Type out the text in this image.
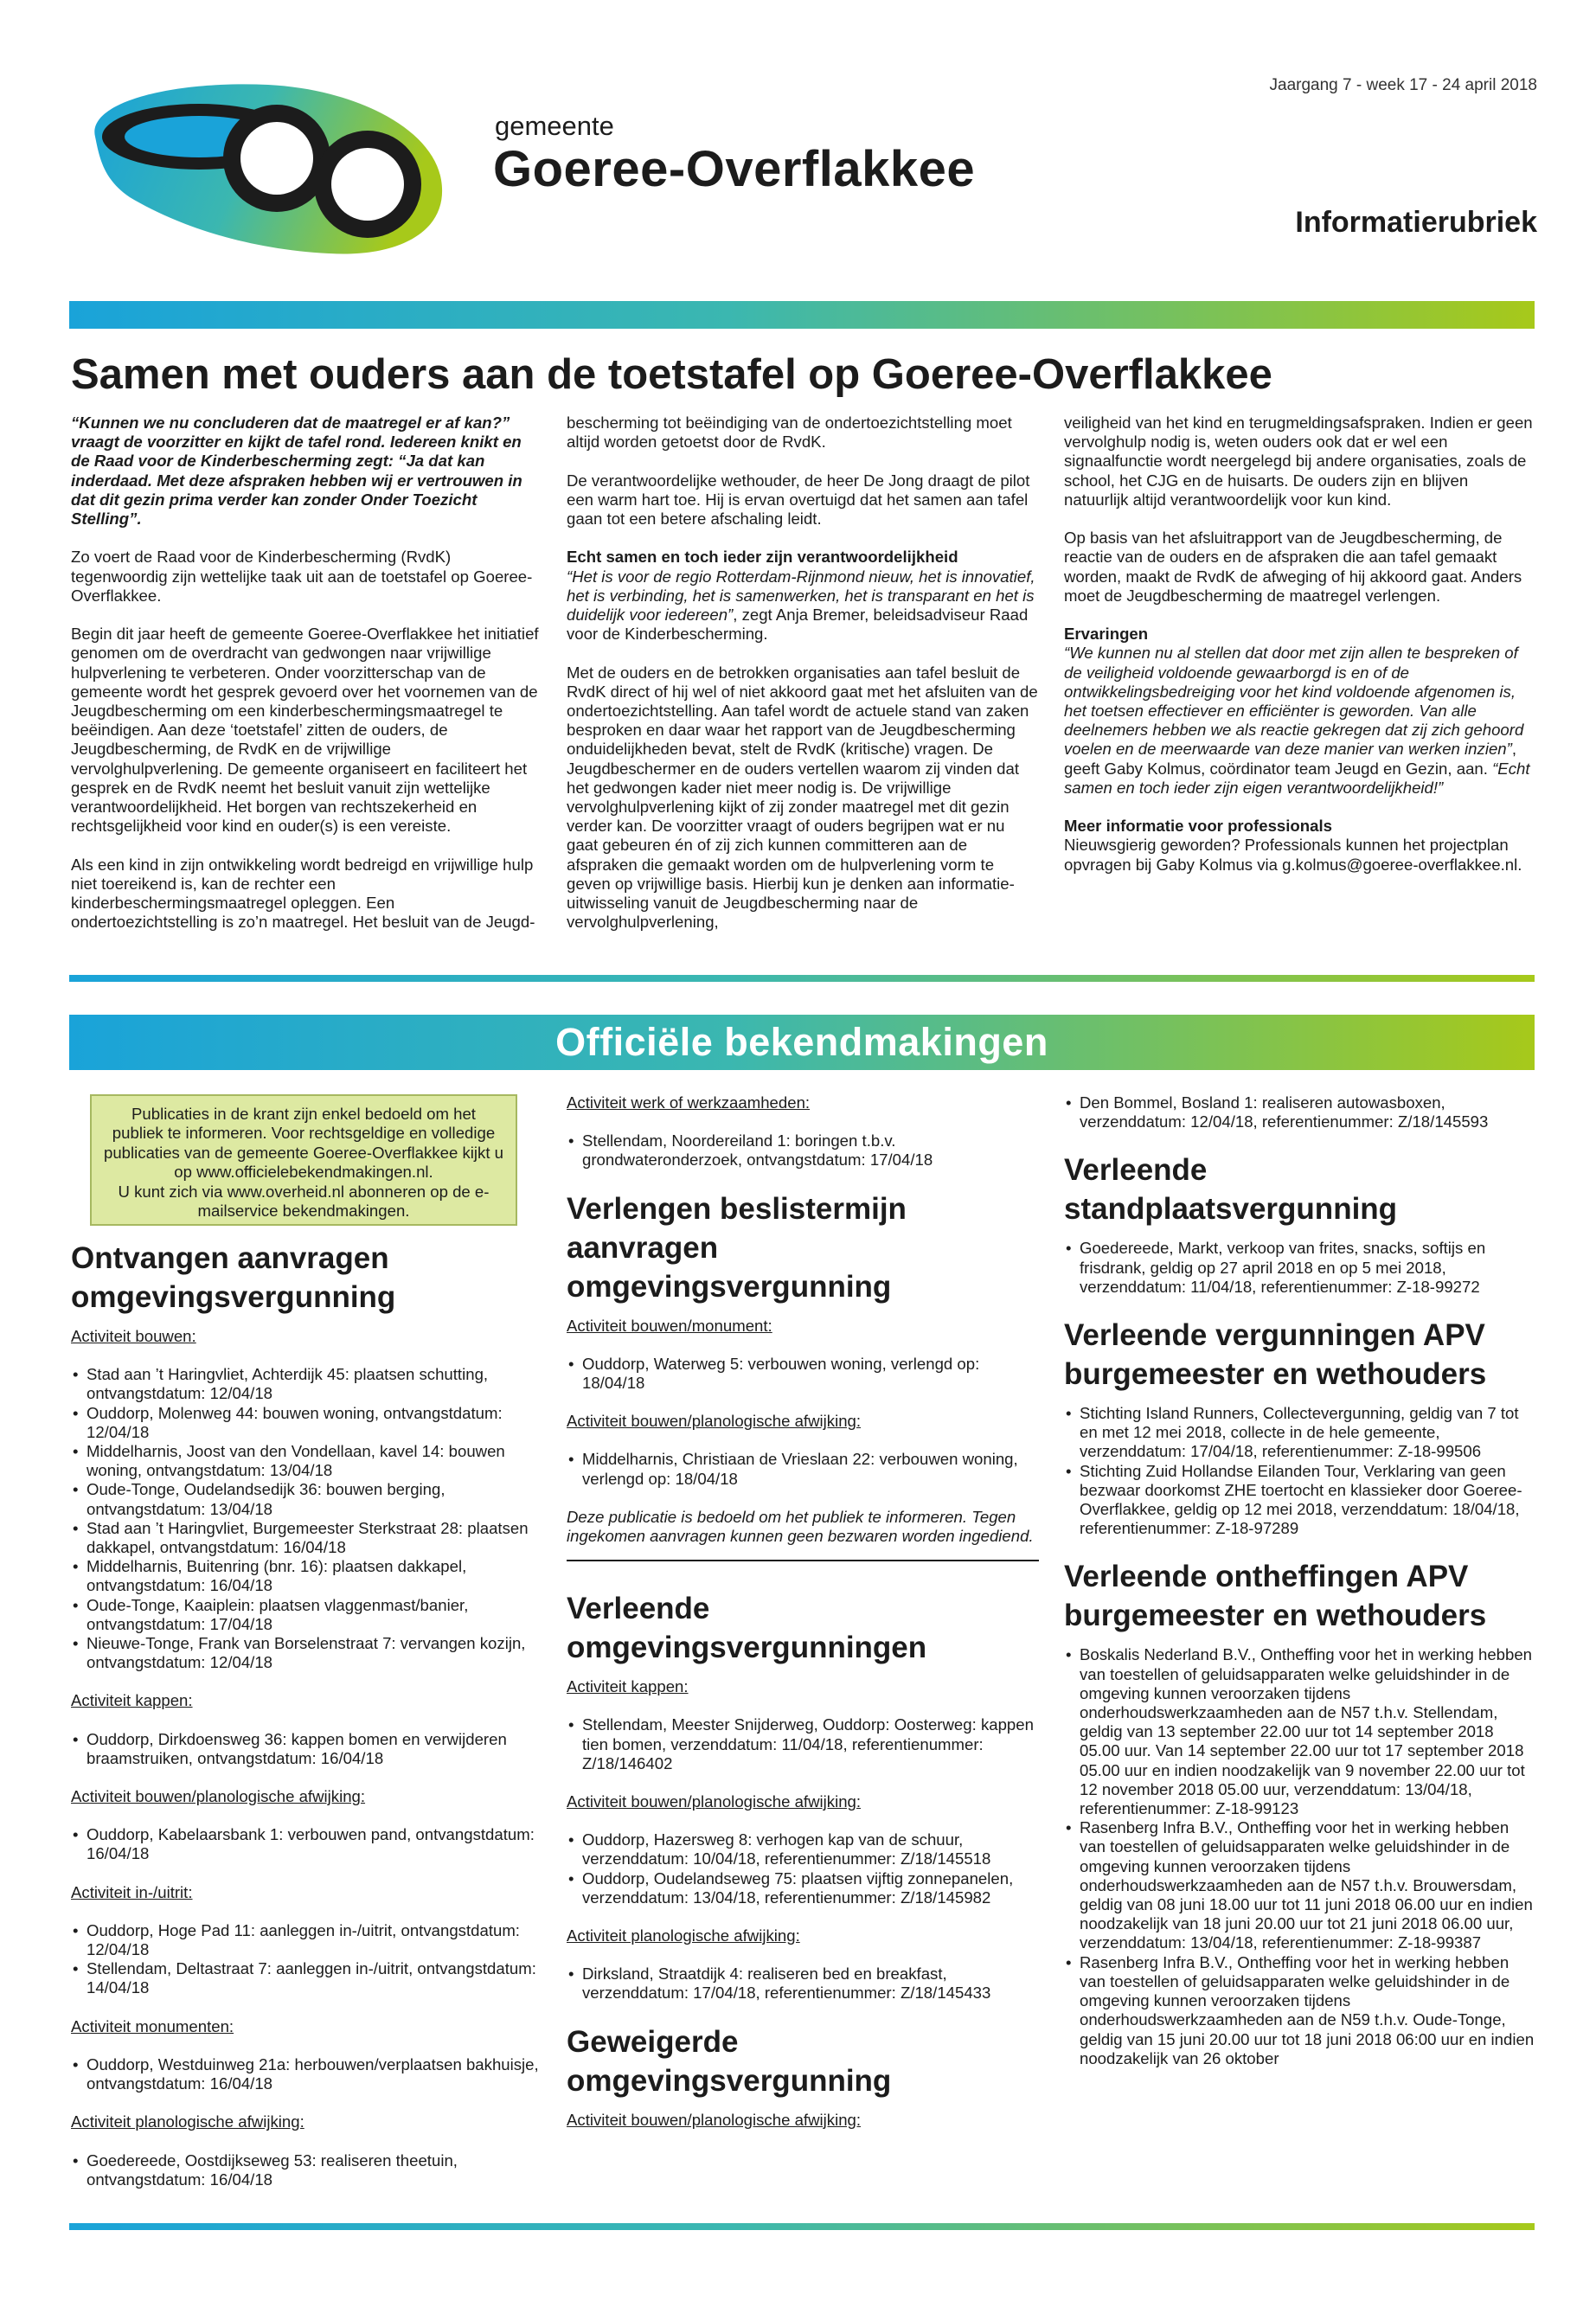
gemeente
Goeree-Overflakkee
Jaargang 7 - week 17 - 24 april 2018
Informatierubriek
Samen met ouders aan de toetstafel op Goeree-Overflakkee

“Kunnen we nu concluderen dat de maatregel er af kan?” vraagt de voorzitter en kijkt de tafel rond. Iedereen knikt en de Raad voor de Kinderbescherming zegt: “Ja dat kan inderdaad. Met deze afspraken hebben wij er vertrouwen in dat dit gezin prima verder kan zonder Onder Toezicht Stelling”.

Zo voert de Raad voor de Kinderbescherming (RvdK) tegenwoordig zijn wettelijke taak uit aan de toetstafel op Goeree-Overflakkee.

Begin dit jaar heeft de gemeente Goeree-Overflakkee het initiatief genomen om de overdracht van gedwongen naar vrijwillige hulpverlening te verbeteren. Onder voorzitterschap van de gemeente wordt het gesprek gevoerd over het voornemen van de Jeugdbescherming om een kinderbeschermingsmaatregel te beëindigen. Aan deze ‘toetstafel’ zitten de ouders, de Jeugdbescherming, de RvdK en de vrijwillige vervolghulpverlening. De gemeente organiseert en faciliteert het gesprek en de RvdK neemt het besluit vanuit zijn wettelijke verantwoordelijkheid. Het borgen van rechtszekerheid en rechtsgelijkheid voor kind en ouder(s) is een vereiste.

Als een kind in zijn ontwikkeling wordt bedreigd en vrijwillige hulp niet toereikend is, kan de rechter een kinderbeschermingsmaatregel opleggen. Een ondertoezichtstelling is zo’n maatregel. Het besluit van de Jeugd-

bescherming tot beëindiging van de ondertoezichtstelling moet altijd worden getoetst door de RvdK.

De verantwoordelijke wethouder, de heer De Jong draagt de pilot een warm hart toe. Hij is ervan overtuigd dat het samen aan tafel gaan tot een betere afschaling leidt.

Echt samen en toch ieder zijn verantwoordelijkheid

“Het is voor de regio Rotterdam-Rijnmond nieuw, het is innovatief, het is verbinding, het is samenwerken, het is transparant en het is duidelijk voor iedereen”, zegt Anja Bremer, beleidsadviseur Raad voor de Kinderbescherming.

Met de ouders en de betrokken organisaties aan tafel besluit de RvdK direct of hij wel of niet akkoord gaat met het afsluiten van de ondertoezichtstelling. Aan tafel wordt de actuele stand van zaken besproken en daar waar het rapport van de Jeugdbescherming onduidelijkheden bevat, stelt de RvdK (kritische) vragen. De Jeugdbeschermer en de ouders vertellen waarom zij vinden dat het gedwongen kader niet meer nodig is. De vrijwillige vervolghulpverlening kijkt of zij zonder maatregel met dit gezin verder kan. De voorzitter vraagt of ouders begrijpen wat er nu gaat gebeuren én of zij zich kunnen committeren aan de afspraken die gemaakt worden om de hulpverlening vorm te geven op vrijwillige basis. Hierbij kun je denken aan informatie-uitwisseling vanuit de Jeugdbescherming naar de vervolghulpverlening,

veiligheid van het kind en terugmeldingsafspraken. Indien er geen vervolghulp nodig is, weten ouders ook dat er wel een signaalfunctie wordt neergelegd bij andere organisaties, zoals de school, het CJG en de huisarts. De ouders zijn en blijven natuurlijk altijd verantwoordelijk voor kun kind.

Op basis van het afsluitrapport van de Jeugdbescherming, de reactie van de ouders en de afspraken die aan tafel gemaakt worden, maakt de RvdK de afweging of hij akkoord gaat. Anders moet de Jeugdbescherming de maatregel verlengen.

Ervaringen

“We kunnen nu al stellen dat door met zijn allen te bespreken of de veiligheid voldoende gewaarborgd is en of de ontwikkelingsbedreiging voor het kind voldoende afgenomen is, het toetsen effectiever en efficiënter is geworden. Van alle deelnemers hebben we als reactie gekregen dat zij zich gehoord voelen en de meerwaarde van deze manier van werken inzien”, geeft Gaby Kolmus, coördinator team Jeugd en Gezin, aan. “Echt samen en toch ieder zijn eigen verantwoordelijkheid!”

Meer informatie voor professionals

Nieuwsgierig geworden? Professionals kunnen het projectplan opvragen bij Gaby Kolmus via g.kolmus@goeree-overflakkee.nl.

Officiële bekendmakingen
Publicaties in de krant zijn enkel bedoeld om het publiek te informeren. Voor rechtsgeldige en volledige publicaties van de gemeente Goeree-Overflakkee kijkt u op www.officielebekendmakingen.nl.
U kunt zich via www.overheid.nl abonneren op de e-mailservice bekendmakingen.
Ontvangen aanvragen omgevingsvergunning
Activiteit bouwen:
• Stad aan ’t Haringvliet, Achterdijk 45: plaatsen schutting, ontvangstdatum: 12/04/18
• Ouddorp, Molenweg 44: bouwen woning, ontvangstdatum: 12/04/18
• Middelharnis, Joost van den Vondellaan, kavel 14: bouwen woning, ontvangstdatum: 13/04/18
• Oude-Tonge, Oudelandsedijk 36: bouwen berging, ontvangstdatum: 13/04/18
• Stad aan ’t Haringvliet, Burgemeester Sterkstraat 28: plaatsen dakkapel, ontvangstdatum: 16/04/18
• Middelharnis, Buitenring (bnr. 16): plaatsen dakkapel, ontvangstdatum: 16/04/18
• Oude-Tonge, Kaaiplein: plaatsen vlaggenmast/banier, ontvangstdatum: 17/04/18
• Nieuwe-Tonge, Frank van Borselenstraat 7: vervangen kozijn, ontvangstdatum: 12/04/18
Activiteit kappen:
• Ouddorp, Dirkdoensweg 36: kappen bomen en verwijderen braamstruiken, ontvangstdatum: 16/04/18
Activiteit bouwen/planologische afwijking:
• Ouddorp, Kabelaarsbank 1: verbouwen pand, ontvangstdatum: 16/04/18
Activiteit in-/uitrit:
• Ouddorp, Hoge Pad 11: aanleggen in-/uitrit, ontvangstdatum: 12/04/18
• Stellendam, Deltastraat 7: aanleggen in-/uitrit, ontvangstdatum: 14/04/18
Activiteit monumenten:
• Ouddorp, Westduinweg 21a: herbouwen/verplaatsen bakhuisje, ontvangstdatum: 16/04/18
Activiteit planologische afwijking:
• Goedereede, Oostdijkseweg 53: realiseren theetuin, ontvangstdatum: 16/04/18
Activiteit werk of werkzaamheden:
• Stellendam, Noordereiland 1: boringen t.b.v. grondwateronderzoek, ontvangstdatum: 17/04/18
Verlengen beslistermijn aanvragen omgevingsvergunning
Activiteit bouwen/monument:
• Ouddorp, Waterweg 5: verbouwen woning, verlengd op: 18/04/18
Activiteit bouwen/planologische afwijking:
• Middelharnis, Christiaan de Vrieslaan 22: verbouwen woning, verlengd op: 18/04/18
Deze publicatie is bedoeld om het publiek te informeren. Tegen ingekomen aanvragen kunnen geen bezwaren worden ingediend.
Verleende omgevingsvergunningen
Activiteit kappen:
• Stellendam, Meester Snijderweg, Ouddorp: Oosterweg: kappen tien bomen, verzenddatum: 11/04/18, referentienummer: Z/18/146402
Activiteit bouwen/planologische afwijking:
• Ouddorp, Hazersweg 8: verhogen kap van de schuur, verzenddatum: 10/04/18, referentienummer: Z/18/145518
• Ouddorp, Oudelandseweg 75: plaatsen vijftig zonnepanelen, verzenddatum: 13/04/18, referentienummer: Z/18/145982
Activiteit planologische afwijking:
• Dirksland, Straatdijk 4: realiseren bed en breakfast, verzenddatum: 17/04/18, referentienummer: Z/18/145433
Geweigerde omgevingsvergunning
Activiteit bouwen/planologische afwijking:
• Den Bommel, Bosland 1: realiseren autowasboxen, verzenddatum: 12/04/18, referentienummer: Z/18/145593
Verleende standplaatsvergunning
• Goedereede, Markt, verkoop van frites, snacks, softijs en frisdrank, geldig op 27 april 2018 en op 5 mei 2018, verzenddatum: 11/04/18, referentienummer: Z-18-99272
Verleende vergunningen APV burgemeester en wethouders
• Stichting Island Runners, Collectevergunning, geldig van 7 tot en met 12 mei 2018, collecte in de hele gemeente, verzenddatum: 17/04/18, referentienummer: Z-18-99506
• Stichting Zuid Hollandse Eilanden Tour, Verklaring van geen bezwaar doorkomst ZHE toertocht en klassieker door Goeree-Overflakkee, geldig op 12 mei 2018, verzenddatum: 18/04/18, referentienummer: Z-18-97289
Verleende ontheffingen APV burgemeester en wethouders
• Boskalis Nederland B.V., Ontheffing voor het in werking hebben van toestellen of geluidsapparaten welke geluidshinder in de omgeving kunnen veroorzaken tijdens onderhoudswerkzaamheden aan de N57 t.h.v. Stellendam, geldig van 13 september 22.00 uur tot 14 september 2018 05.00 uur. Van 14 september 22.00 uur tot 17 september 2018 05.00 uur en indien noodzakelijk van 9 november 22.00 uur tot 12 november 2018 05.00 uur, verzenddatum: 13/04/18, referentienummer: Z-18-99123
• Rasenberg Infra B.V., Ontheffing voor het in werking hebben van toestellen of geluidsapparaten welke geluidshinder in de omgeving kunnen veroorzaken tijdens onderhoudswerkzaamheden aan de N57 t.h.v. Brouwersdam, geldig van 08 juni 18.00 uur tot 11 juni 2018 06.00 uur en indien noodzakelijk van 18 juni 20.00 uur tot 21 juni 2018 06.00 uur, verzenddatum: 13/04/18, referentienummer: Z-18-99387
• Rasenberg Infra B.V., Ontheffing voor het in werking hebben van toestellen of geluidsapparaten welke geluidshinder in de omgeving kunnen veroorzaken tijdens onderhoudswerkzaamheden aan de N59 t.h.v. Oude-Tonge, geldig van 15 juni 20.00 uur tot 18 juni 2018 06:00 uur en indien noodzakelijk van 26 oktober
